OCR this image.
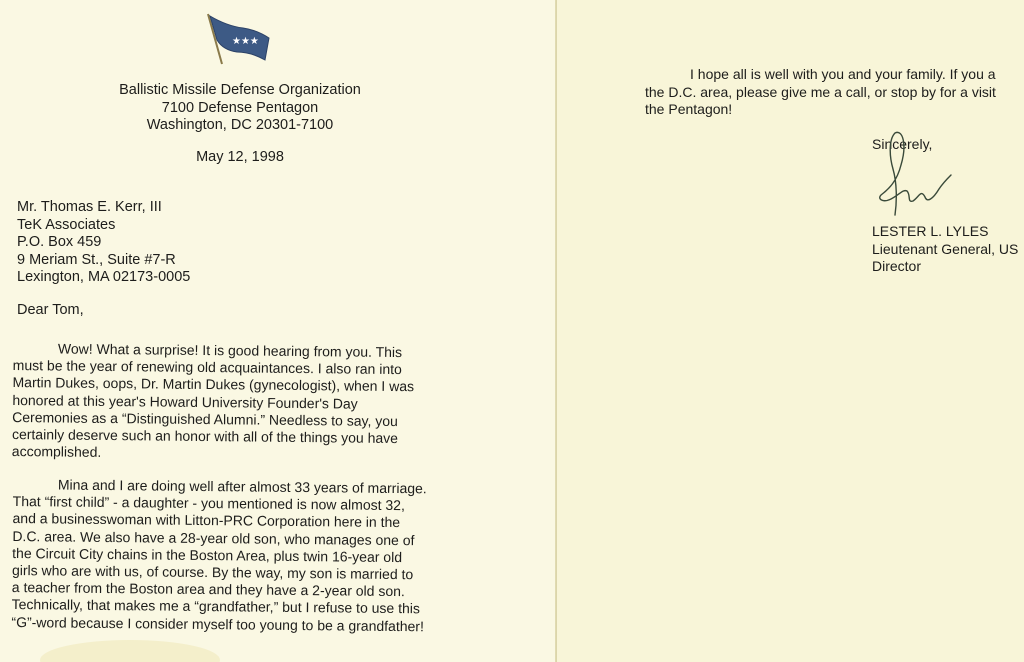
★★★
Ballistic Missile Defense Organization
7100 Defense Pentagon
Washington, DC 20301-7100
May 12, 1998
Mr. Thomas E. Kerr, III
TeK Associates
P.O. Box 459
9 Meriam St., Suite #7-R
Lexington, MA 02173-0005
Dear Tom,
Wow! What a surprise! It is good hearing from you. This
must be the year of renewing old acquaintances. I also ran into
Martin Dukes, oops, Dr. Martin Dukes (gynecologist), when I was
honored at this year's Howard University Founder's Day
Ceremonies as a “Distinguished Alumni.” Needless to say, you
certainly deserve such an honor with all of the things you have
accomplished.
Mina and I are doing well after almost 33 years of marriage.
That “first child” - a daughter - you mentioned is now almost 32,
and a businesswoman with Litton-PRC Corporation here in the
D.C. area. We also have a 28-year old son, who manages one of
the Circuit City chains in the Boston Area, plus twin 16-year old
girls who are with us, of course. By the way, my son is married to
a teacher from the Boston area and they have a 2-year old son.
Technically, that makes me a “grandfather,” but I refuse to use this
“G”-word because I consider myself too young to be a grandfather!
I hope all is well with you and your family. If you a
the D.C. area, please give me a call, or stop by for a visit
the Pentagon!
Sincerely,
LESTER L. LYLES
Lieutenant General, US
Director
